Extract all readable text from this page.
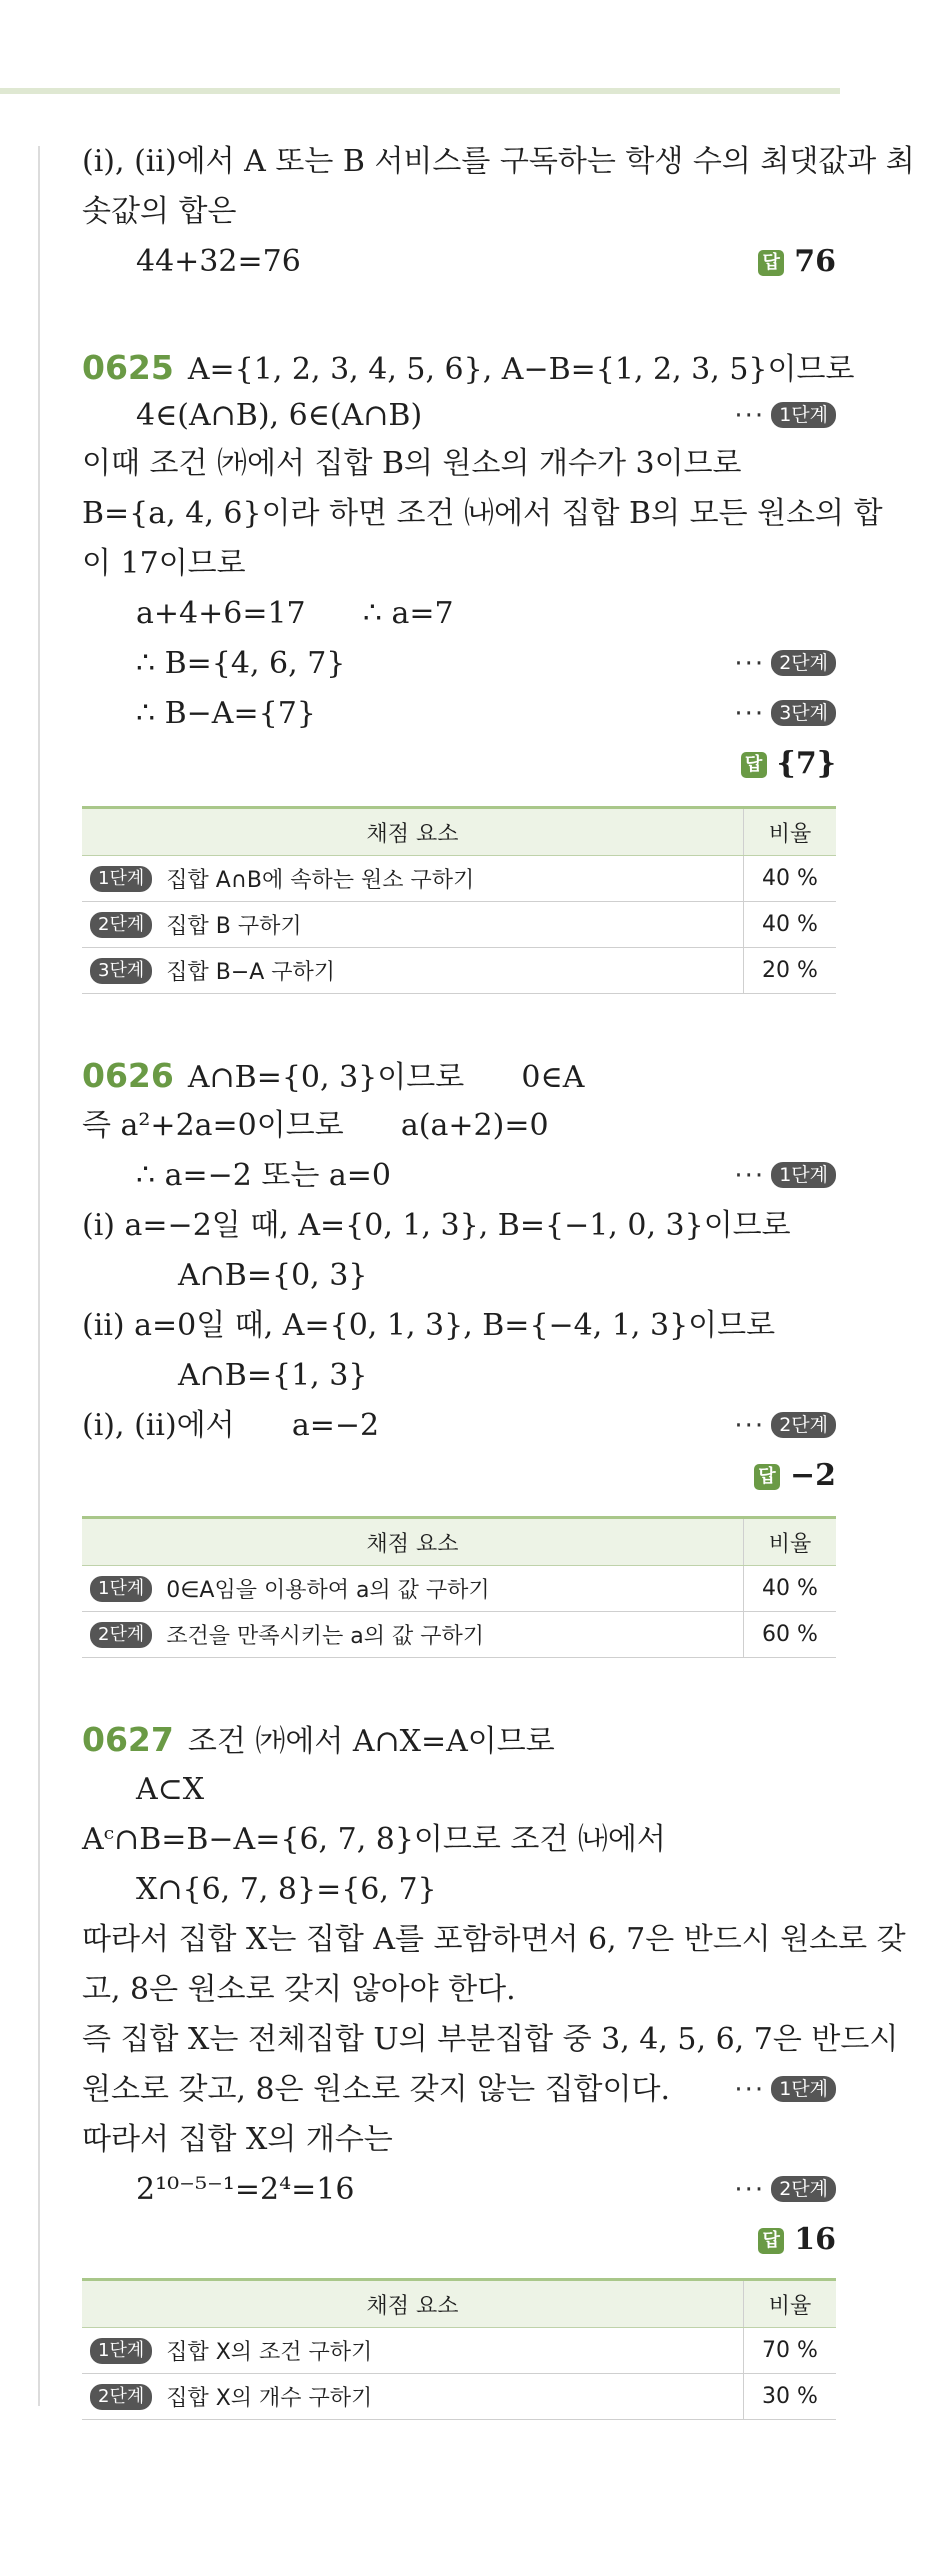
(ⅰ), (ⅱ)에서 A 또는 B 서비스를 구독하는 학생 수의 최댓값과 최
솟값의 합은
44+32=76	답 76
0625 A={1, 2, 3, 4, 5, 6}, A−B={1, 2, 3, 5}이므로
4∈(A∩B), 6∈(A∩B)	··· 1단계
이때 조건 ㈎에서 집합 B의 원소의 개수가 3이므로
B={a, 4, 6}이라 하면 조건 ㈏에서 집합 B의 모든 원소의 합
이 17이므로
a+4+6=17      ∴ a=7
∴ B={4, 6, 7}	··· 2단계
∴ B−A={7}	··· 3단계
답 {7}
채점 요소	비율
1단계 집합 A∩B에 속하는 원소 구하기	40 %
2단계 집합 B 구하기	40 %
3단계 집합 B−A 구하기	20 %
0626 A∩B={0, 3}이므로      0∈A
즉 a²+2a=0이므로      a(a+2)=0
∴ a=−2 또는 a=0	··· 1단계
(ⅰ) a=−2일 때, A={0, 1, 3}, B={−1, 0, 3}이므로
A∩B={0, 3}
(ⅱ) a=0일 때, A={0, 1, 3}, B={−4, 1, 3}이므로
A∩B={1, 3}
(ⅰ), (ⅱ)에서      a=−2	··· 2단계
답 −2
채점 요소	비율
1단계 0∈A임을 이용하여 a의 값 구하기	40 %
2단계 조건을 만족시키는 a의 값 구하기	60 %
0627 조건 ㈎에서 A∩X=A이므로
A⊂X
Aᶜ∩B=B−A={6, 7, 8}이므로 조건 ㈏에서
X∩{6, 7, 8}={6, 7}
따라서 집합 X는 집합 A를 포함하면서 6, 7은 반드시 원소로 갖
고, 8은 원소로 갖지 않아야 한다.
즉 집합 X는 전체집합 U의 부분집합 중 3, 4, 5, 6, 7은 반드시
원소로 갖고, 8은 원소로 갖지 않는 집합이다. ··· 1단계
따라서 집합 X의 개수는
2¹⁰⁻⁵⁻¹=2⁴=16	··· 2단계
답 16
채점 요소	비율
1단계 집합 X의 조건 구하기	70 %
2단계 집합 X의 개수 구하기	30 %
